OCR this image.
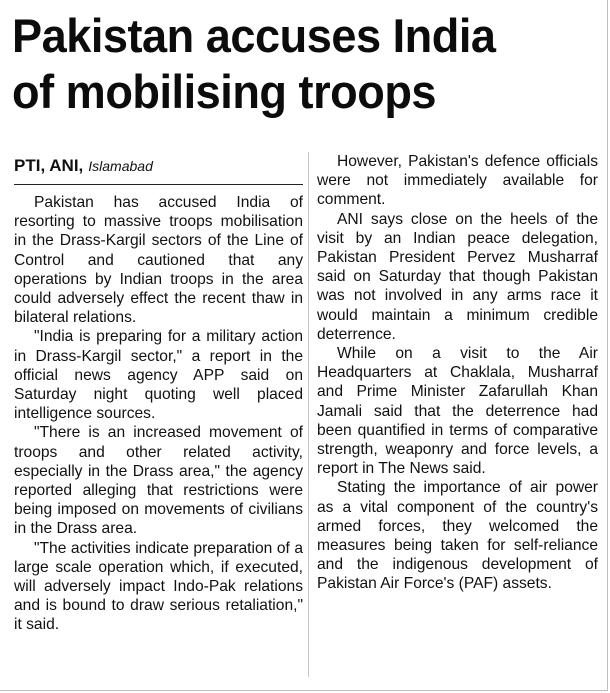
Pakistan accuses India
of mobilising troops
PTI, ANI, Islamabad

Pakistan has accused India of resorting to massive troops mobilisation in the Drass-Kargil sectors of the Line of Control and cautioned that any operations by Indian troops in the area could adversely effect the recent thaw in bilateral relations.

"India is preparing for a military action in Drass-Kargil sector," a report in the official news agency APP said on Saturday night quoting well placed intelligence sources.

"There is an increased movement of troops and other related activity, especially in the Drass area," the agency reported alleging that restrictions were being imposed on movements of civilians in the Drass area.

"The activities indicate preparation of a large scale operation which, if executed, will adversely impact Indo-Pak relations and is bound to draw serious retaliation," it said.

However, Pakistan's defence officials were not immediately available for comment.

ANI says close on the heels of the visit by an Indian peace delegation, Pakistan President Pervez Musharraf said on Saturday that though Pakistan was not involved in any arms race it would maintain a minimum credible deterrence.

While on a visit to the Air Headquarters at Chaklala, Musharraf and Prime Minister Zafarullah Khan Jamali said that the deterrence had been quantified in terms of comparative strength, weaponry and force levels, a report in The News said.

Stating the importance of air power as a vital component of the country's armed forces, they welcomed the measures being taken for self-reliance and the indigenous development of Pakistan Air Force's (PAF) assets.
